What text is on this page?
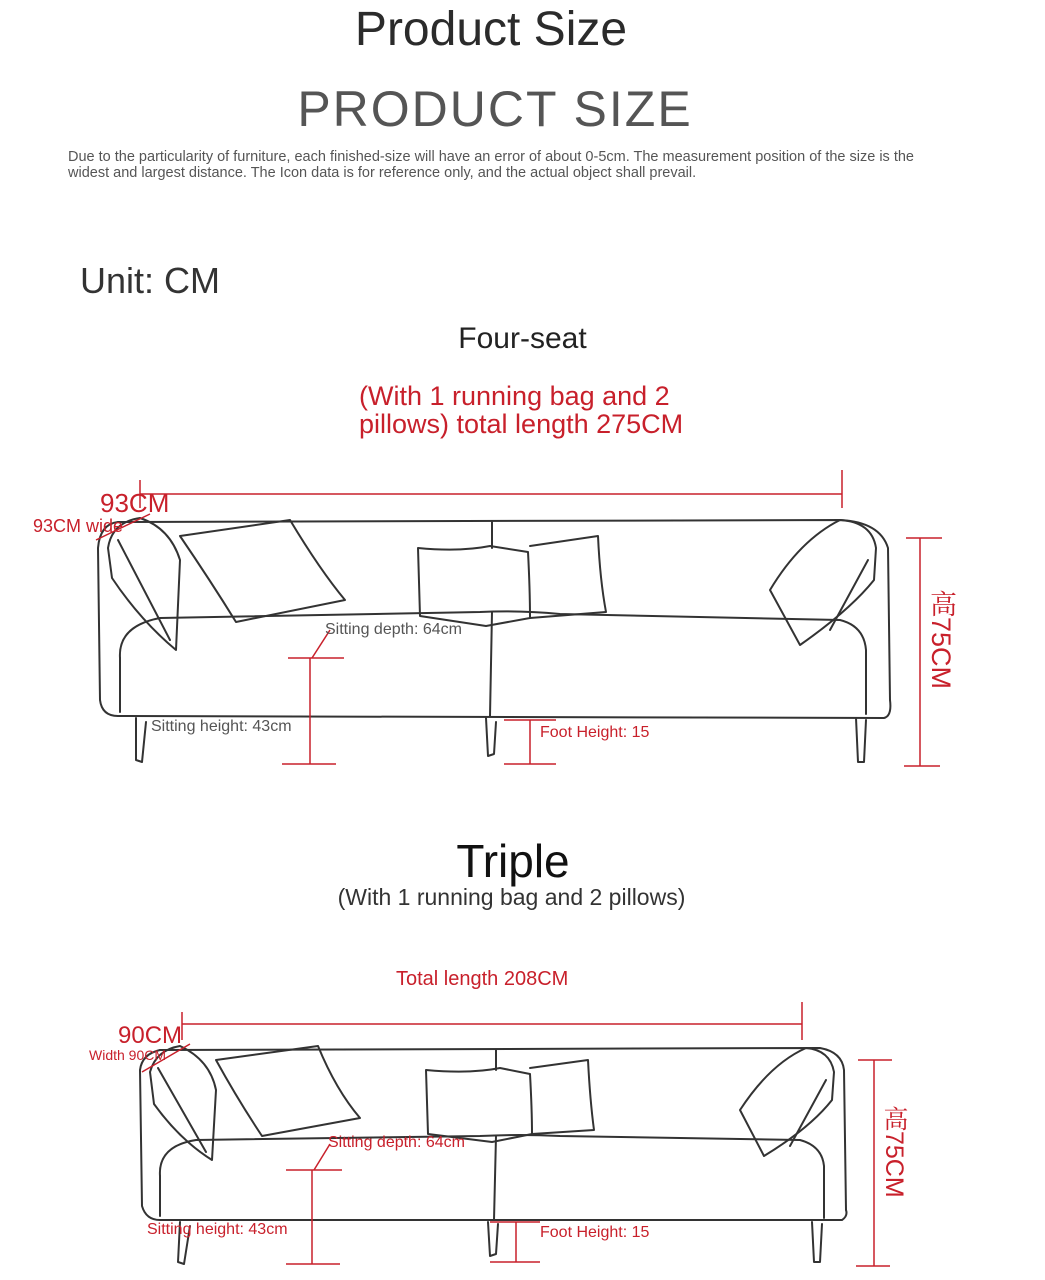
Product Size
PRODUCT SIZE
Due to the particularity of furniture, each finished-size will have an error of about 0-5cm. The measurement position of the size is the widest and largest distance. The Icon data is for reference only, and the actual object shall prevail.
Unit: CM
Four-seat
(With 1 running bag and 2
pillows) total length 275CM
93CM
93CM wide
Sitting depth: 64cm
Sitting height: 43cm	Foot Height: 15
高75CM
Triple
(With 1 running bag and 2 pillows)
Total length 208CM
90CM
Width 90CM
Sitting depth: 64cm
Sitting height: 43cm	Foot Height: 15
高75CM
